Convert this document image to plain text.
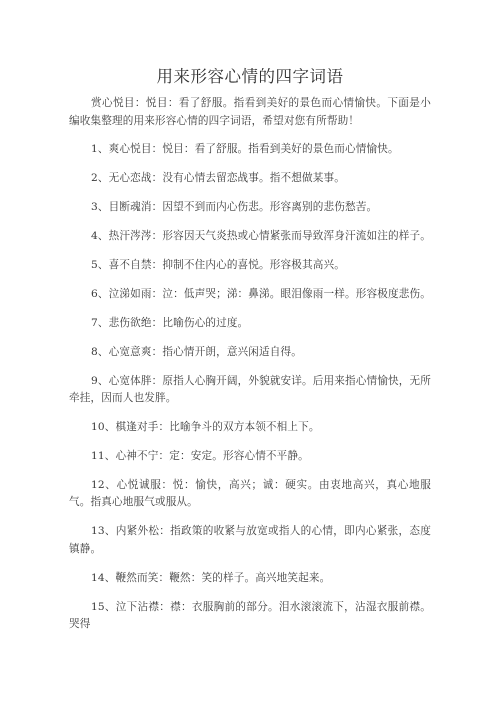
用来形容心情的四字词语

赏心悦目：悦目：看了舒服。指看到美好的景色而心情愉快。下面是小编收集整理的用来形容心情的四字词语，希望对您有所帮助！

1、爽心悦目：悦目：看了舒服。指看到美好的景色而心情愉快。

2、无心恋战：没有心情去留恋战事。指不想做某事。

3、目断魂消：因望不到而内心伤悲。形容离别的悲伤愁苦。

4、热汗涔涔：形容因天气炎热或心情紧张而导致浑身汗流如注的样子。

5、喜不自禁：抑制不住内心的喜悦。形容极其高兴。

6、泣涕如雨：泣：低声哭；涕：鼻涕。眼泪像雨一样。形容极度悲伤。

7、悲伤欲绝：比喻伤心的过度。

8、心宽意爽：指心情开朗，意兴闲适自得。

9、心宽体胖：原指人心胸开阔，外貌就安详。后用来指心情愉快，无所牵挂，因而人也发胖。

10、棋逢对手：比喻争斗的双方本领不相上下。

11、心神不宁：定：安定。形容心情不平静。

12、心悦诚服：悦：愉快，高兴；诚：硬实。由衷地高兴，真心地服气。指真心地服气或服从。

13、内紧外松：指政策的收紧与放宽或指人的心情，即内心紧张，态度镇静。

14、鞭然而笑：鞭然：笑的样子。高兴地笑起来。

15、泣下沾襟：襟：衣服胸前的部分。泪水滚滚流下，沾湿衣服前襟。哭得
